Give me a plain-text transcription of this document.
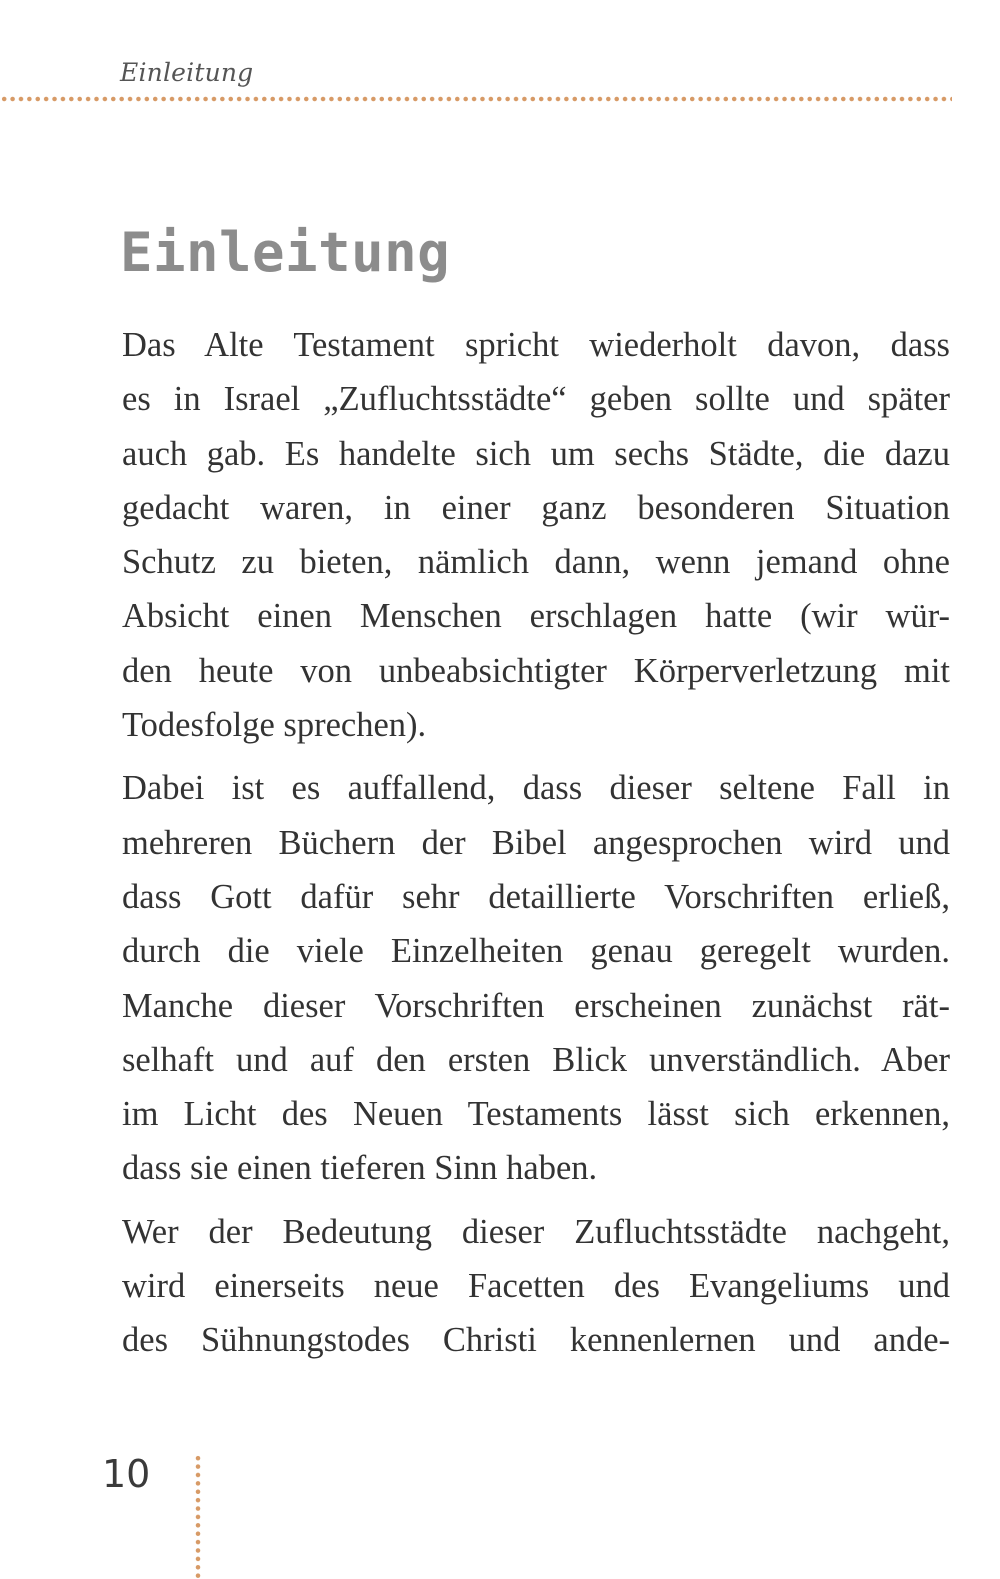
Einleitung
Einleitung

Das Alte Testament spricht wiederholt davon, dass
es in Israel „Zufluchtsstädte“ geben sollte und später
auch gab. Es handelte sich um sechs Städte, die dazu
gedacht waren, in einer ganz besonderen Situation
Schutz zu bieten, nämlich dann, wenn jemand ohne
Absicht einen Menschen erschlagen hatte (wir wür-
den heute von unbeabsichtigter Körperverletzung mit
Todesfolge sprechen).

Dabei ist es auffallend, dass dieser seltene Fall in
mehreren Büchern der Bibel angesprochen wird und
dass Gott dafür sehr detaillierte Vorschriften erließ,
durch die viele Einzelheiten genau geregelt wurden.
Manche dieser Vorschriften erscheinen zunächst rät-
selhaft und auf den ersten Blick unverständlich. Aber
im Licht des Neuen Testaments lässt sich erkennen,
dass sie einen tieferen Sinn haben.

Wer der Bedeutung dieser Zufluchtsstädte nachgeht,
wird einerseits neue Facetten des Evangeliums und
des Sühnungstodes Christi kennenlernen und ande-

10
